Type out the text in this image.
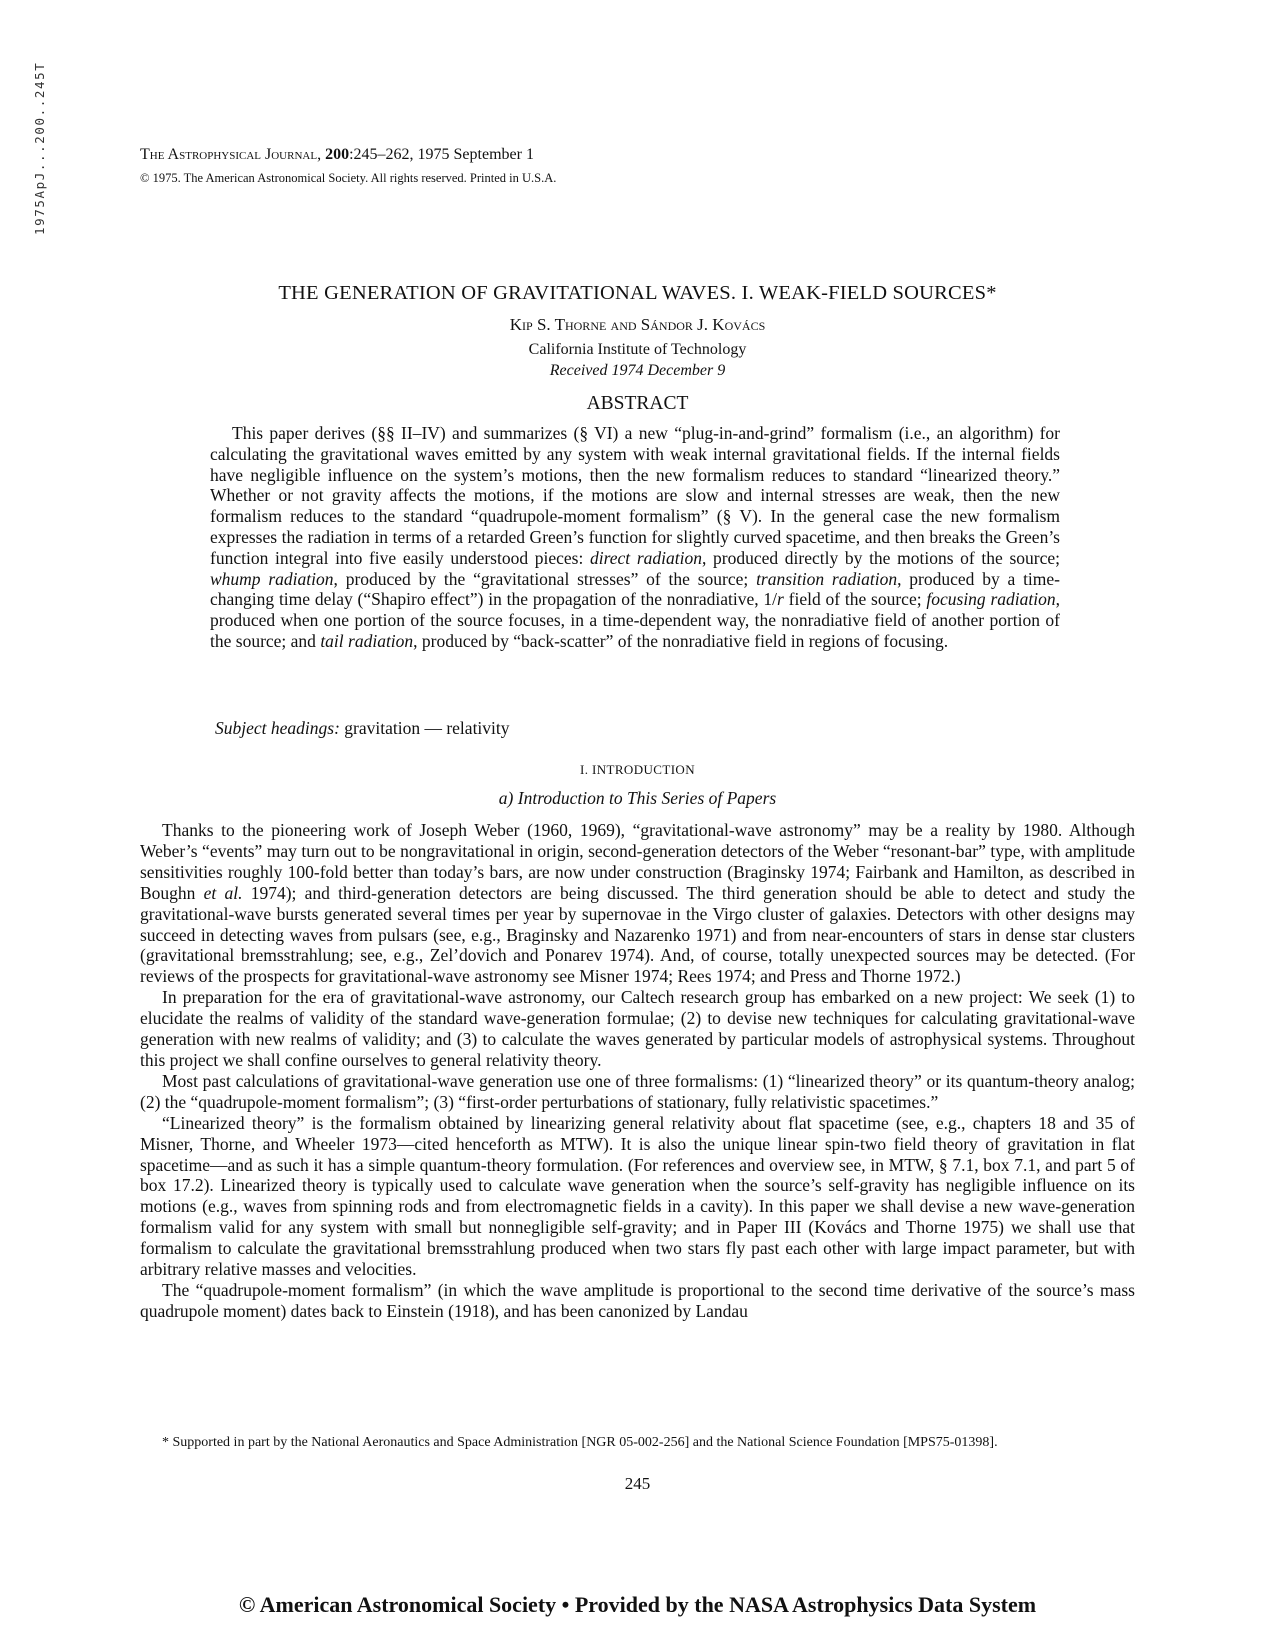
1975ApJ...200..245T	The Astrophysical Journal, 200:245–262, 1975 September 1
© 1975. The American Astronomical Society. All rights reserved. Printed in U.S.A.
THE GENERATION OF GRAVITATIONAL WAVES. I. WEAK-FIELD SOURCES*
Kip S. Thorne and Sándor J. Kovács
California Institute of Technology
Received 1974 December 9
ABSTRACT

This paper derives (§§ II–IV) and summarizes (§ VI) a new “plug-in-and-grind” formalism (i.e., an algorithm) for calculating the gravitational waves emitted by any system with weak internal gravitational fields. If the internal fields have negligible influence on the system’s motions, then the new formalism reduces to standard “linearized theory.” Whether or not gravity affects the motions, if the motions are slow and internal stresses are weak, then the new formalism reduces to the standard “quadrupole-moment formalism” (§ V). In the general case the new formalism expresses the radiation in terms of a retarded Green’s function for slightly curved spacetime, and then breaks the Green’s function integral into five easily understood pieces: direct radiation, produced directly by the motions of the source; whump radiation, produced by the “gravitational stresses” of the source; transition radiation, produced by a time-changing time delay (“Shapiro effect”) in the propagation of the nonradiative, 1/r field of the source; focusing radiation, produced when one portion of the source focuses, in a time-dependent way, the nonradiative field of another portion of the source; and tail radiation, produced by “back-scatter” of the nonradiative field in regions of focusing.

Subject headings: gravitation — relativity
I. INTRODUCTION
a) Introduction to This Series of Papers

Thanks to the pioneering work of Joseph Weber (1960, 1969), “gravitational-wave astronomy” may be a reality by 1980. Although Weber’s “events” may turn out to be nongravitational in origin, second-generation detectors of the Weber “resonant-bar” type, with amplitude sensitivities roughly 100-fold better than today’s bars, are now under construction (Braginsky 1974; Fairbank and Hamilton, as described in Boughn et al. 1974); and third-generation detectors are being discussed. The third generation should be able to detect and study the gravitational-wave bursts generated several times per year by supernovae in the Virgo cluster of galaxies. Detectors with other designs may succeed in detecting waves from pulsars (see, e.g., Braginsky and Nazarenko 1971) and from near-encounters of stars in dense star clusters (gravitational bremsstrahlung; see, e.g., Zel’dovich and Ponarev 1974). And, of course, totally unexpected sources may be detected. (For reviews of the prospects for gravitational-wave astronomy see Misner 1974; Rees 1974; and Press and Thorne 1972.)

In preparation for the era of gravitational-wave astronomy, our Caltech research group has embarked on a new project: We seek (1) to elucidate the realms of validity of the standard wave-generation formulae; (2) to devise new techniques for calculating gravitational-wave generation with new realms of validity; and (3) to calculate the waves generated by particular models of astrophysical systems. Throughout this project we shall confine ourselves to general relativity theory.

Most past calculations of gravitational-wave generation use one of three formalisms: (1) “linearized theory” or its quantum-theory analog; (2) the “quadrupole-moment formalism”; (3) “first-order perturbations of stationary, fully relativistic spacetimes.”

“Linearized theory” is the formalism obtained by linearizing general relativity about flat spacetime (see, e.g., chapters 18 and 35 of Misner, Thorne, and Wheeler 1973—cited henceforth as MTW). It is also the unique linear spin-two field theory of gravitation in flat spacetime—and as such it has a simple quantum-theory formulation. (For references and overview see, in MTW, § 7.1, box 7.1, and part 5 of box 17.2). Linearized theory is typically used to calculate wave generation when the source’s self-gravity has negligible influence on its motions (e.g., waves from spinning rods and from electromagnetic fields in a cavity). In this paper we shall devise a new wave-generation formalism valid for any system with small but nonnegligible self-gravity; and in Paper III (Kovács and Thorne 1975) we shall use that formalism to calculate the gravitational bremsstrahlung produced when two stars fly past each other with large impact parameter, but with arbitrary relative masses and velocities.

The “quadrupole-moment formalism” (in which the wave amplitude is proportional to the second time derivative of the source’s mass quadrupole moment) dates back to Einstein (1918), and has been canonized by Landau

* Supported in part by the National Aeronautics and Space Administration [NGR 05-002-256] and the National Science Foundation [MPS75-01398].

245
© American Astronomical Society • Provided by the NASA Astrophysics Data System
